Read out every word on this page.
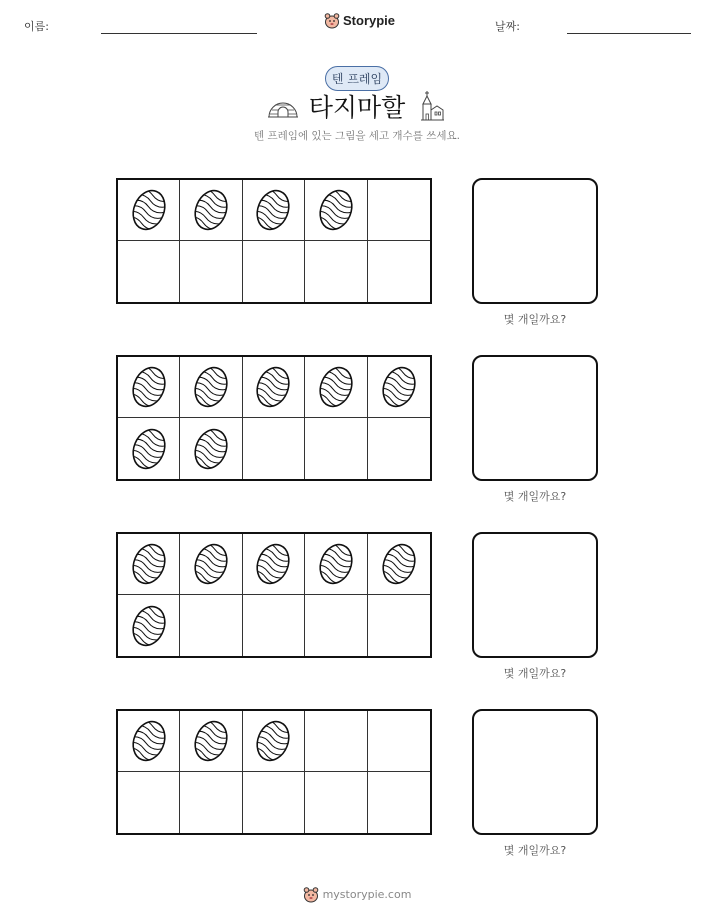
이름:	Storypie	날짜:
텐 프레임
타지마할
텐 프레임에 있는 그림을 세고 개수를 쓰세요.
몇 개일까요?
몇 개일까요?
몇 개일까요?
몇 개일까요?
mystorypie.com
